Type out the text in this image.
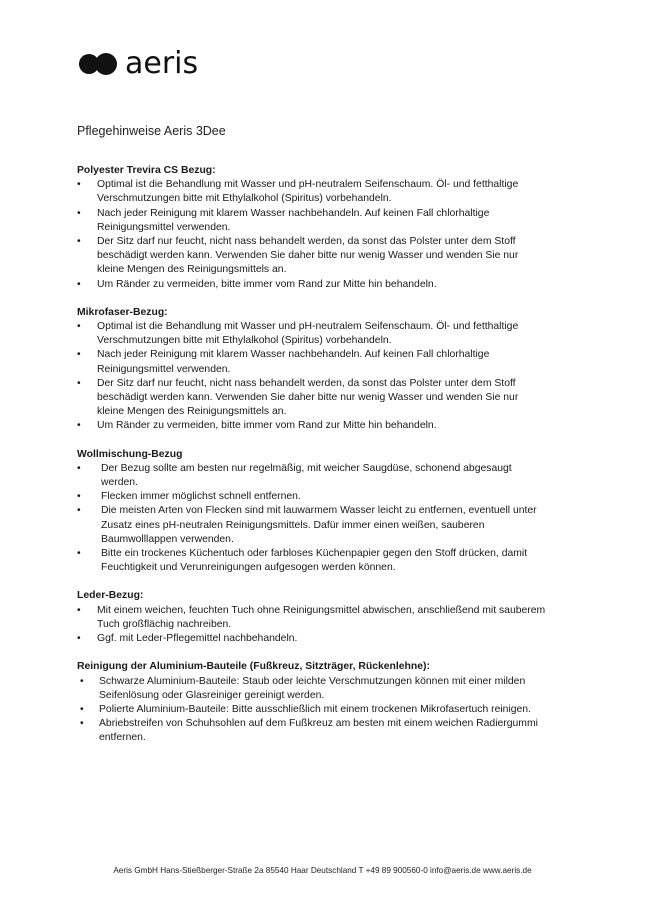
aeris
Pflegehinweise Aeris 3Dee
Polyester Trevira CS Bezug:
• Optimal ist die Behandlung mit Wasser und pH-neutralem Seifenschaum. Öl- und fetthaltige Verschmutzungen bitte mit Ethylalkohol (Spiritus) vorbehandeln.
• Nach jeder Reinigung mit klarem Wasser nachbehandeln. Auf keinen Fall chlorhaltige Reinigungsmittel verwenden.
• Der Sitz darf nur feucht, nicht nass behandelt werden, da sonst das Polster unter dem Stoff beschädigt werden kann. Verwenden Sie daher bitte nur wenig Wasser und wenden Sie nur kleine Mengen des Reinigungsmittels an.
• Um Ränder zu vermeiden, bitte immer vom Rand zur Mitte hin behandeln.
Mikrofaser-Bezug:
• Optimal ist die Behandlung mit Wasser und pH-neutralem Seifenschaum. Öl- und fetthaltige Verschmutzungen bitte mit Ethylalkohol (Spiritus) vorbehandeln.
• Nach jeder Reinigung mit klarem Wasser nachbehandeln. Auf keinen Fall chlorhaltige Reinigungsmittel verwenden.
• Der Sitz darf nur feucht, nicht nass behandelt werden, da sonst das Polster unter dem Stoff beschädigt werden kann. Verwenden Sie daher bitte nur wenig Wasser und wenden Sie nur kleine Mengen des Reinigungsmittels an.
• Um Ränder zu vermeiden, bitte immer vom Rand zur Mitte hin behandeln.
Wollmischung-Bezug
• Der Bezug sollte am besten nur regelmäßig, mit weicher Saugdüse, schonend abgesaugt werden.
• Flecken immer möglichst schnell entfernen.
• Die meisten Arten von Flecken sind mit lauwarmem Wasser leicht zu entfernen, eventuell unter Zusatz eines pH-neutralen Reinigungsmittels. Dafür immer einen weißen, sauberen Baumwolllappen verwenden.
• Bitte ein trockenes Küchentuch oder farbloses Küchenpapier gegen den Stoff drücken, damit Feuchtigkeit und Verunreinigungen aufgesogen werden können.
Leder-Bezug:
• Mit einem weichen, feuchten Tuch ohne Reinigungsmittel abwischen, anschließend mit sauberem Tuch großflächig nachreiben.
• Ggf. mit Leder-Pflegemittel nachbehandeln.
Reinigung der Aluminium-Bauteile (Fußkreuz, Sitzträger, Rückenlehne):
• Schwarze Aluminium-Bauteile: Staub oder leichte Verschmutzungen können mit einer milden Seifenlösung oder Glasreiniger gereinigt werden.
• Polierte Aluminium-Bauteile: Bitte ausschließlich mit einem trockenen Mikrofasertuch reinigen.
• Abriebstreifen von Schuhsohlen auf dem Fußkreuz am besten mit einem weichen Radiergummi entfernen.
Aeris GmbH Hans-Stießberger-Straße 2a 85540 Haar Deutschland T +49 89 900560-0 info@aeris.de www.aeris.de
